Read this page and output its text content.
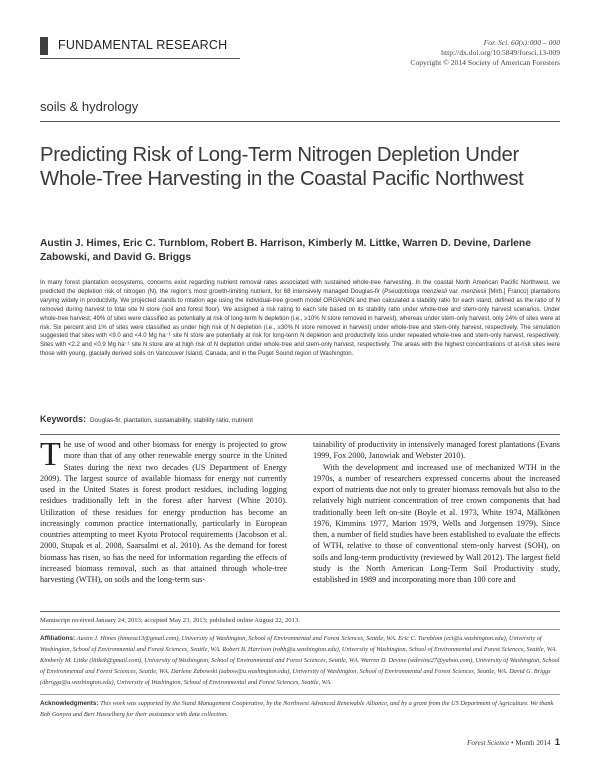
FUNDAMENTAL RESEARCH	For. Sci. 60(x):000 – 000
http://dx.doi.org/10.5849/forsci.13-009
Copyright © 2014 Society of American Foresters
soils & hydrology
Predicting Risk of Long-Term Nitrogen Depletion Under Whole-Tree Harvesting in the Coastal Pacific Northwest
Austin J. Himes, Eric C. Turnblom, Robert B. Harrison, Kimberly M. Littke, Warren D. Devine, Darlene Zabowski, and David G. Briggs
In many forest plantation ecosystems, concerns exist regarding nutrient removal rates associated with sustained whole-tree harvesting. In the coastal North American Pacific Northwest, we predicted the depletion risk of nitrogen (N), the region's most growth-limiting nutrient, for 68 intensively managed Douglas-fir (Pseudotsuga menziesii var. menziesii [Mirb.] Franco) plantations varying widely in productivity. We projected stands to rotation age using the individual-tree growth model ORGANON and then calculated a stability ratio for each stand, defined as the ratio of N removed during harvest to total site N store (soil and forest floor). We assigned a risk rating to each site based on its stability ratio under whole-tree and stem-only harvest scenarios. Under whole-tree harvest, 49% of sites were classified as potentially at risk of long-term N depletion (i.e., ≥10% N store removed in harvest), whereas under stem-only harvest, only 24% of sites were at risk. Six percent and 1% of sites were classified as under high risk of N depletion (i.e., ≥30% N store removed in harvest) under whole-tree and stem-only harvest, respectively. The simulation suggested that sites with <9.0 and <4.0 Mg ha⁻¹ site N store are potentially at risk for long-term N depletion and productivity loss under repeated whole-tree and stem-only harvest, respectively. Sites with <2.2 and <0.9 Mg ha⁻¹ site N store are at high risk of N depletion under whole-tree and stem-only harvest, respectively. The areas with the highest concentrations of at-risk sites were those with young, glacially derived soils on Vancouver Island, Canada, and in the Puget Sound region of Washington.
Keywords: Douglas-fir, plantation, sustainability, stability ratio, nutrient
The use of wood and other biomass for energy is projected to grow more than that of any other renewable energy source in the United States during the next two decades (US Department of Energy 2009). The largest source of available biomass for energy not currently used in the United States is forest product residues, including logging residues traditionally left in the forest after harvest (White 2010). Utilization of these residues for energy production has become an increasingly common practice internationally, particularly in European countries attempting to meet Kyoto Protocol requirements (Jacobson et al. 2000, Stupak et al. 2008, Saarsalmi et al. 2010). As the demand for forest biomass has risen, so has the need for information regarding the effects of increased biomass removal, such as that attained through whole-tree harvesting (WTH), on soils and the long-term sus-
tainability of productivity in intensively managed forest plantations (Evans 1999, Fox 2000, Janowiak and Webster 2010).
With the development and increased use of mechanized WTH in the 1970s, a number of researchers expressed concerns about the increased export of nutrients due not only to greater biomass removals but also to the relatively high nutrient concentration of tree crown components that had traditionally been left on-site (Boyle et al. 1973, White 1974, Mälkönen 1976, Kimmins 1977, Marion 1979, Wells and Jorgensen 1979). Since then, a number of field studies have been established to evaluate the effects of WTH, relative to those of conventional stem-only harvest (SOH), on soils and long-term productivity (reviewed by Wall 2012). The largest field study is the North American Long-Term Soil Productivity study, established in 1989 and incorporating more than 100 core and
Manuscript received January 24, 2013; accepted May 23, 2013; published online August 22, 2013.
Affiliations: Austin J. Himes (himesa13@gmail.com), University of Washington, School of Environmental and Forest Sciences, Seattle, WA. Eric C. Turnblom (ect@u.washington.edu), University of Washington, School of Environmental and Forest Sciences, Seattle, WA. Robert B. Harrison (robh@u.washington.edu), University of Washington, School of Environmental and Forest Sciences, Seattle, WA. Kimberly M. Littke (littkek@gmail.com), University of Washington, School of Environmental and Forest Sciences, Seattle, WA. Warren D. Devine (wdevine27@yahoo.com), University of Washington, School of Environmental and Forest Sciences, Seattle, WA. Darlene Zabowski (zabow@u.washington.edu), University of Washington, School of Environmental and Forest Sciences, Seattle, WA. David G. Briggs (dbriggs@u.washington.edu), University of Washington, School of Environmental and Forest Sciences, Seattle, WA.
Acknowledgments: This work was supported by the Stand Management Cooperative, by the Northwest Advanced Renewable Alliance, and by a grant from the US Department of Agriculture. We thank Bob Gonyea and Bert Hasselberg for their assistance with data collection.
Forest Science • Month 2014 1
